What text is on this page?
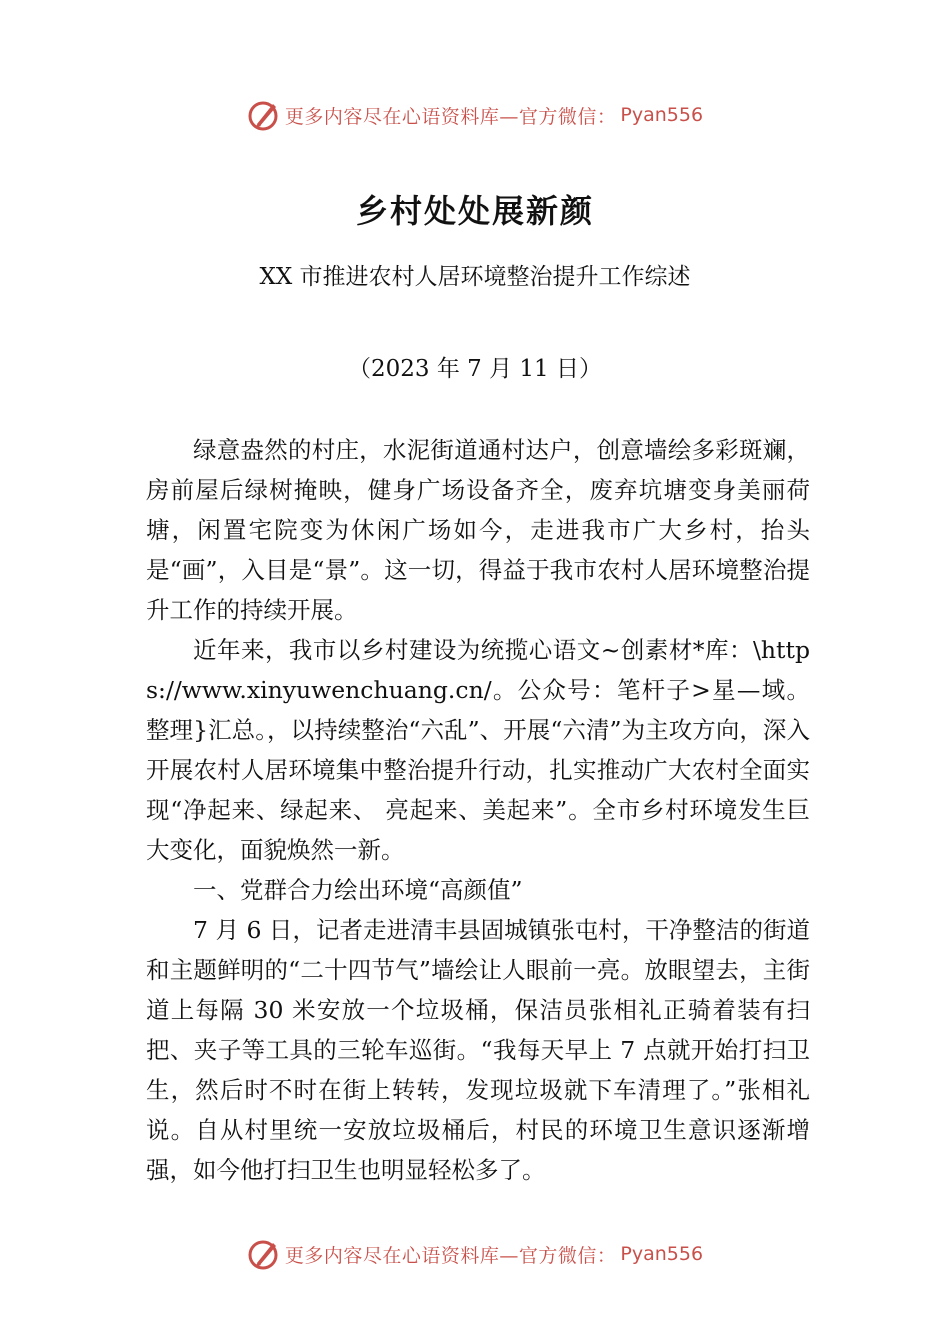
更多内容尽在心语资料库—官方微信： Pyan556
乡村处处展新颜
XX 市推进农村人居环境整治提升工作综述
（2023 年 7 月 11 日）

绿意盎然的村庄，水泥街道通村达户，创意墙绘多彩斑斓，房前屋后绿树掩映，健身广场设备齐全，废弃坑塘变身美丽荷塘，闲置宅院变为休闲广场如今，走进我市广大乡村，抬头是“画”，入目是“景”。这一切，得益于我市农村人居环境整治提升工作的持续开展。

近年来，我市以乡村建设为统揽心语文~创素材*库：\https://www.xinyuwenchuang.cn/。公众号：笔杆子>星—域。整理}汇总。，以持续整治“六乱”、开展“六清”为主攻方向，深入开展农村人居环境集中整治提升行动，扎实推动广大农村全面实现“净起来、绿起来、 亮起来、美起来”。全市乡村环境发生巨大变化，面貌焕然一新。

一、党群合力绘出环境“高颜值”

7 月 6 日，记者走进清丰县固城镇张屯村，干净整洁的街道和主题鲜明的“二十四节气”墙绘让人眼前一亮。放眼望去，主街道上每隔 30 米安放一个垃圾桶，保洁员张相礼正骑着装有扫把、夹子等工具的三轮车巡街。“我每天早上 7 点就开始打扫卫生，然后时不时在街上转转，发现垃圾就下车清理了。”张相礼说。自从村里统一安放垃圾桶后，村民的环境卫生意识逐渐增强，如今他打扫卫生也明显轻松多了。

更多内容尽在心语资料库—官方微信： Pyan556
